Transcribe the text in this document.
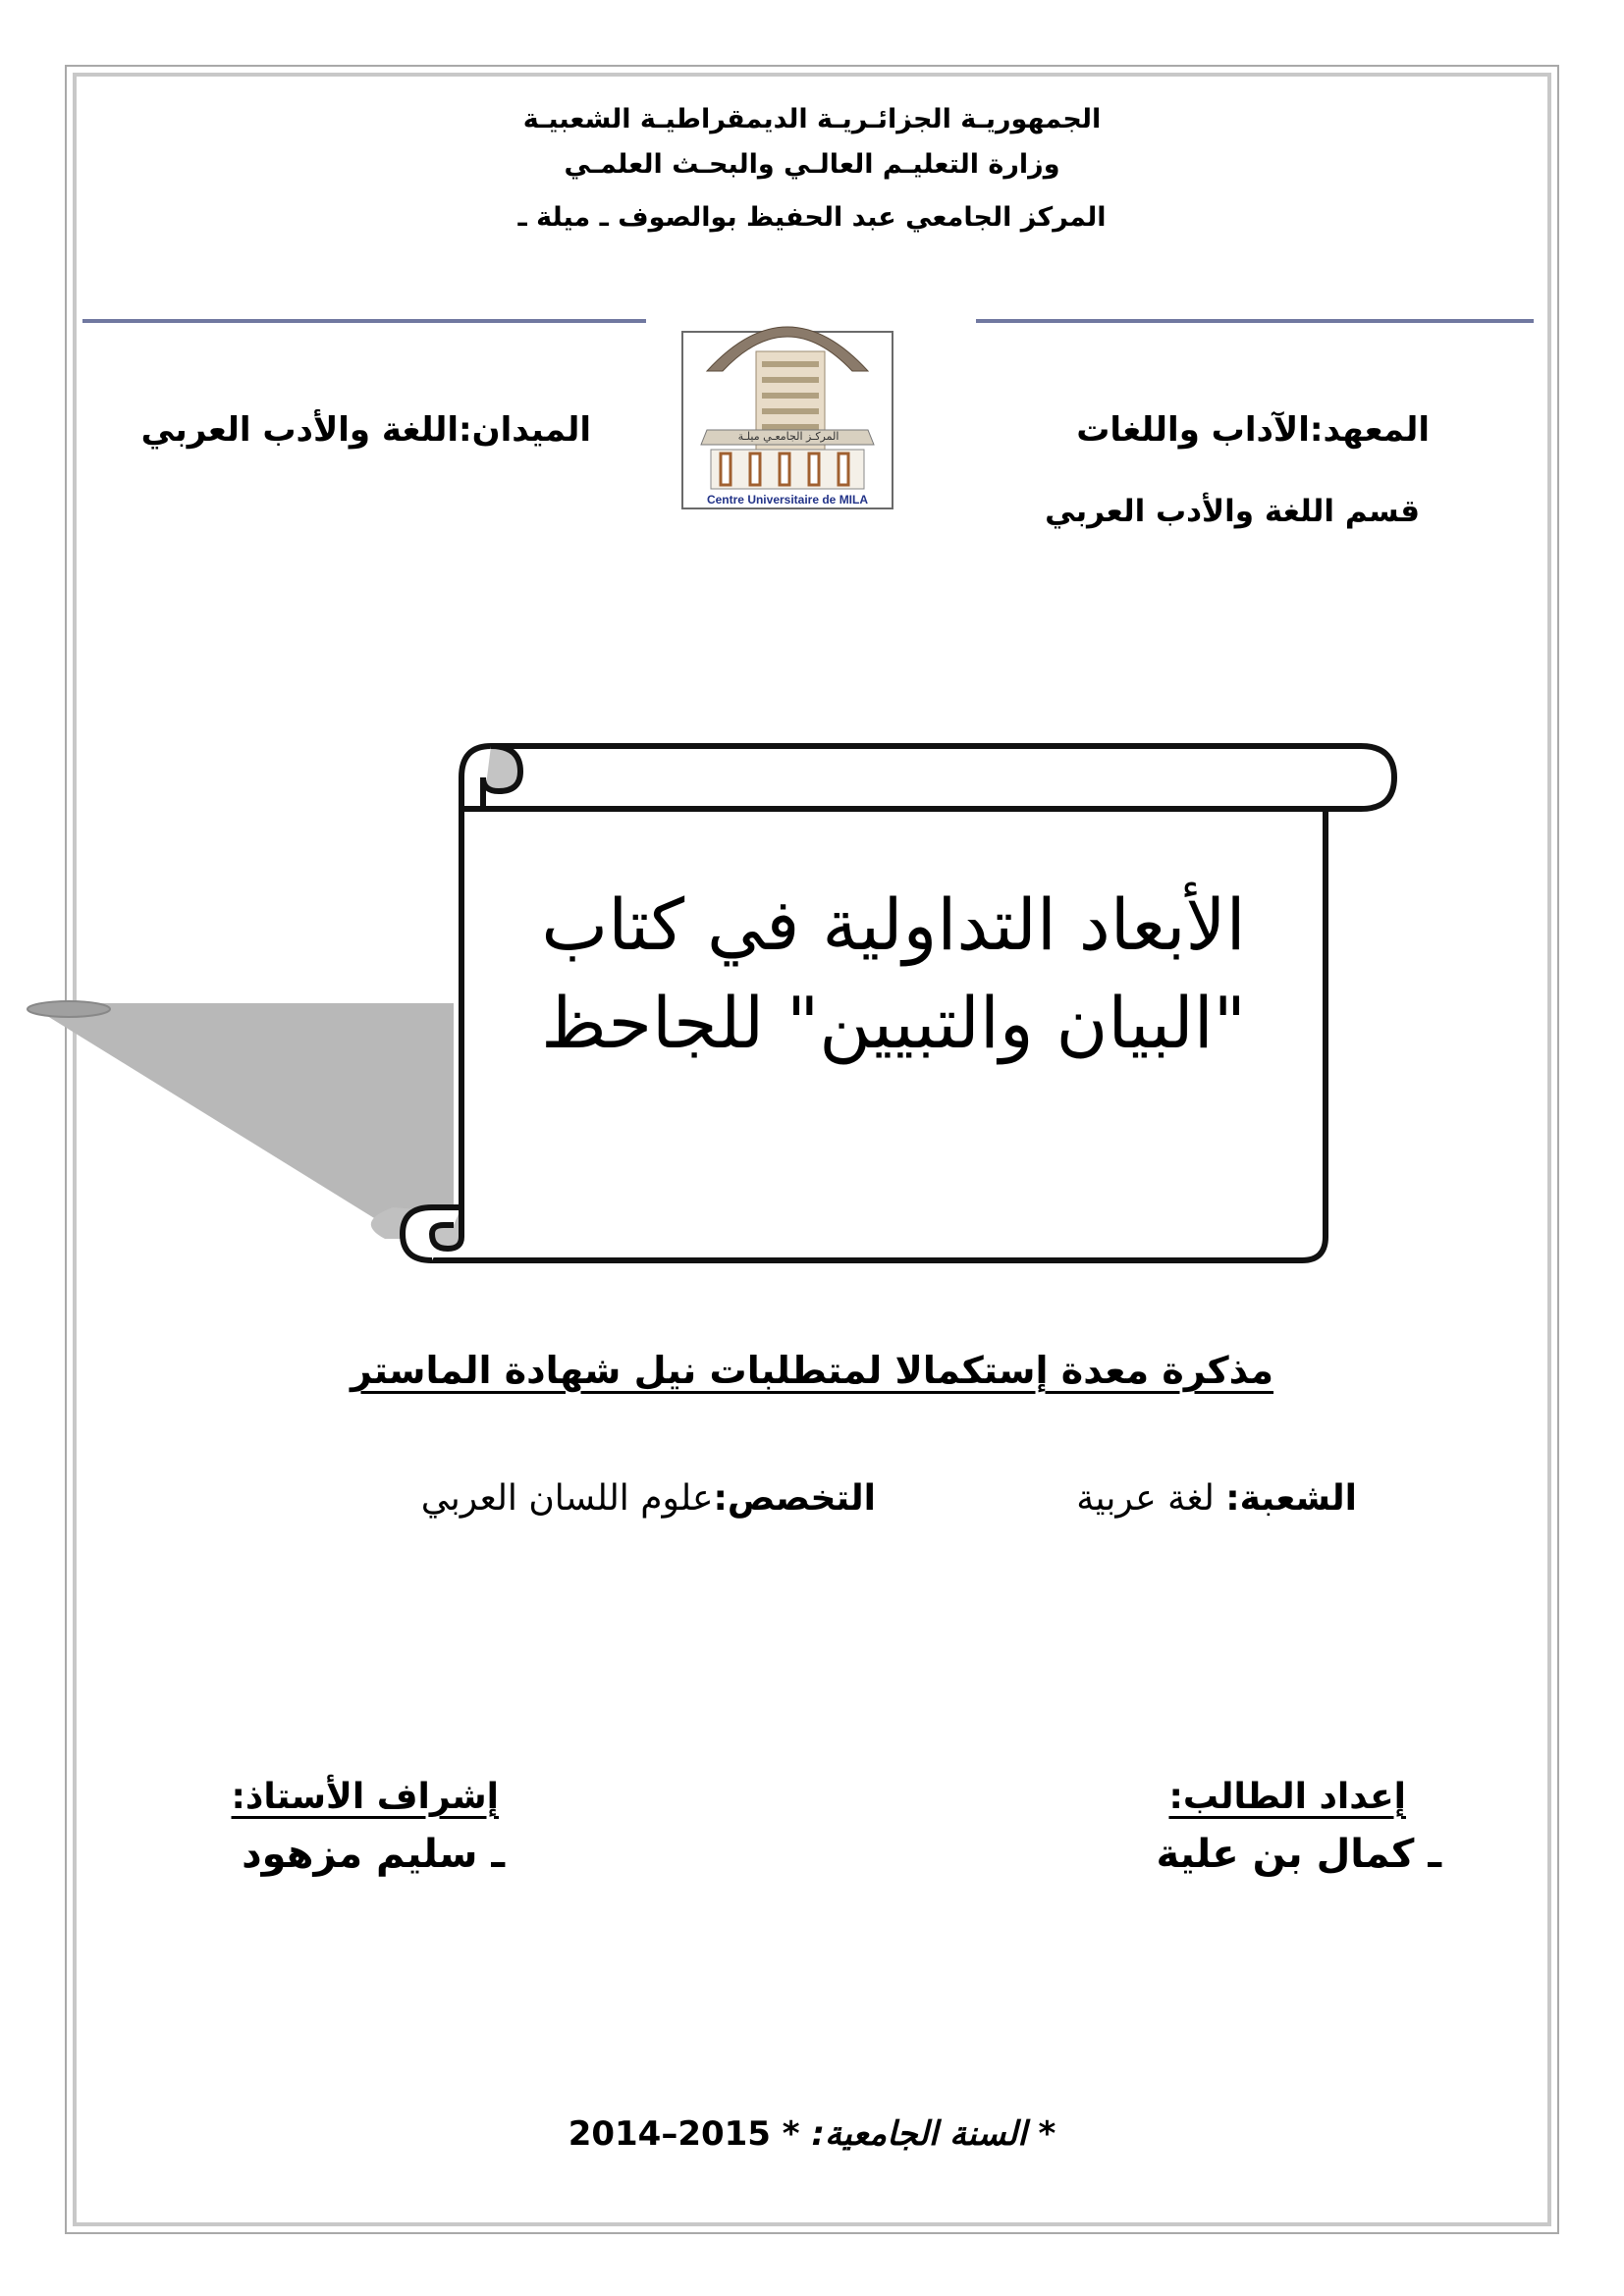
الجمهوريـة الجزائـريـة الديمقراطيـة الشعبيـة
وزارة التعليـم العالـي والبحـث العلمـي
المركز الجامعي عبد الحفيظ بوالصوف ـ ميلة ـ
المركـز الجامعـي ميلـة
Centre Universitaire de MILA
المعهد:الآداب واللغات
قسم اللغة والأدب العربي
الميدان:اللغة والأدب العربي
الأبعاد التداولية في كتاب
"البيان والتبيين" للجاحظ
مذكرة معدة إستكمالا لمتطلبات نيل شهادة الماستر
الشعبة: لغة عربية
التخصص:علوم اللسان العربي
إعداد الطالب:
ـ كمال بن علية
إشراف الأستاذ:
ـ سليم مزهود
* السنة الجامعية: 2014–2015 *
